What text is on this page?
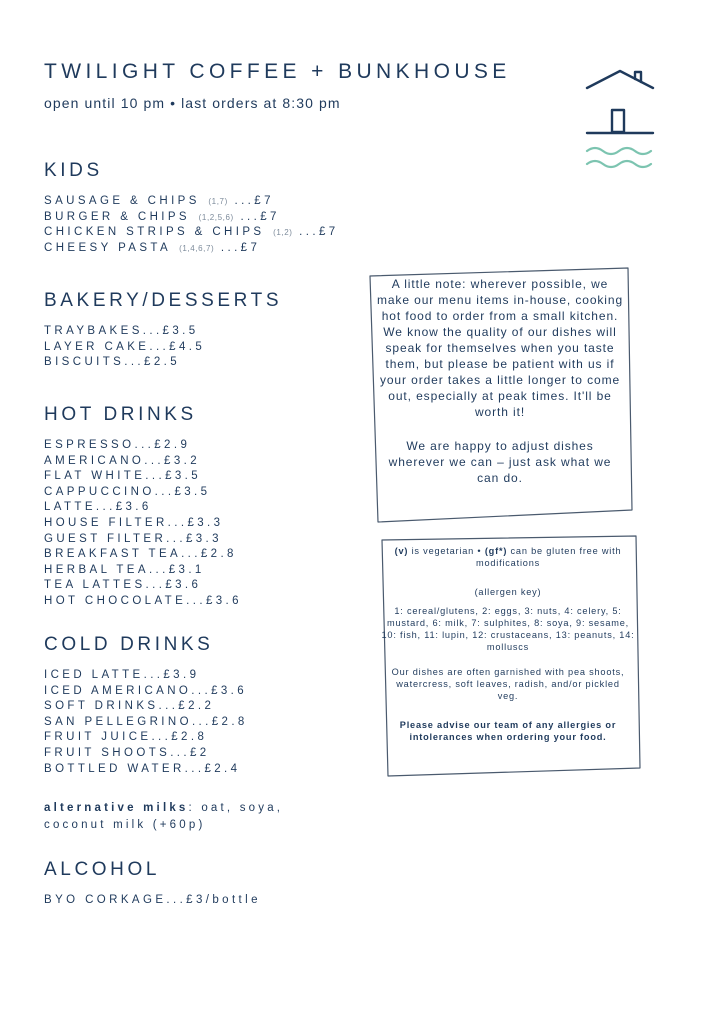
TWILIGHT COFFEE + BUNKHOUSE

open until 10 pm • last orders at 8:30 pm

KIDS
SAUSAGE & CHIPS (1,7) ...£7
BURGER & CHIPS (1,2,5,6) ...£7
CHICKEN STRIPS & CHIPS (1,2) ...£7
CHEESY PASTA (1,4,6,7) ...£7
BAKERY/DESSERTS
TRAYBAKES...£3.5
LAYER CAKE...£4.5
BISCUITS...£2.5
HOT DRINKS
ESPRESSO...£2.9
AMERICANO...£3.2
FLAT WHITE...£3.5
CAPPUCCINO...£3.5
LATTE...£3.6
HOUSE FILTER...£3.3
GUEST FILTER...£3.3
BREAKFAST TEA...£2.8
HERBAL TEA...£3.1
TEA LATTES...£3.6
HOT CHOCOLATE...£3.6
COLD DRINKS
ICED LATTE...£3.9
ICED AMERICANO...£3.6
SOFT DRINKS...£2.2
SAN PELLEGRINO...£2.8
FRUIT JUICE...£2.8
FRUIT SHOOTS...£2
BOTTLED WATER...£2.4

alternative milks: oat, soya, coconut milk (+60p)

ALCOHOL
BYO CORKAGE...£3/bottle

A little note: wherever possible, we make our menu items in-house, cooking hot food to order from a small kitchen. We know the quality of our dishes will speak for themselves when you taste them, but please be patient with us if your order takes a little longer to come out, especially at peak times. It'll be worth it!

We are happy to adjust dishes wherever we can – just ask what we can do.

(v) is vegetarian • (gf*) can be gluten free with modifications

(allergen key)

1: cereal/glutens, 2: eggs, 3: nuts, 4: celery, 5: mustard, 6: milk, 7: sulphites, 8: soya, 9: sesame, 10: fish, 11: lupin, 12: crustaceans, 13: peanuts, 14: molluscs

Our dishes are often garnished with pea shoots, watercress, soft leaves, radish, and/or pickled veg.

Please advise our team of any allergies or intolerances when ordering your food.
